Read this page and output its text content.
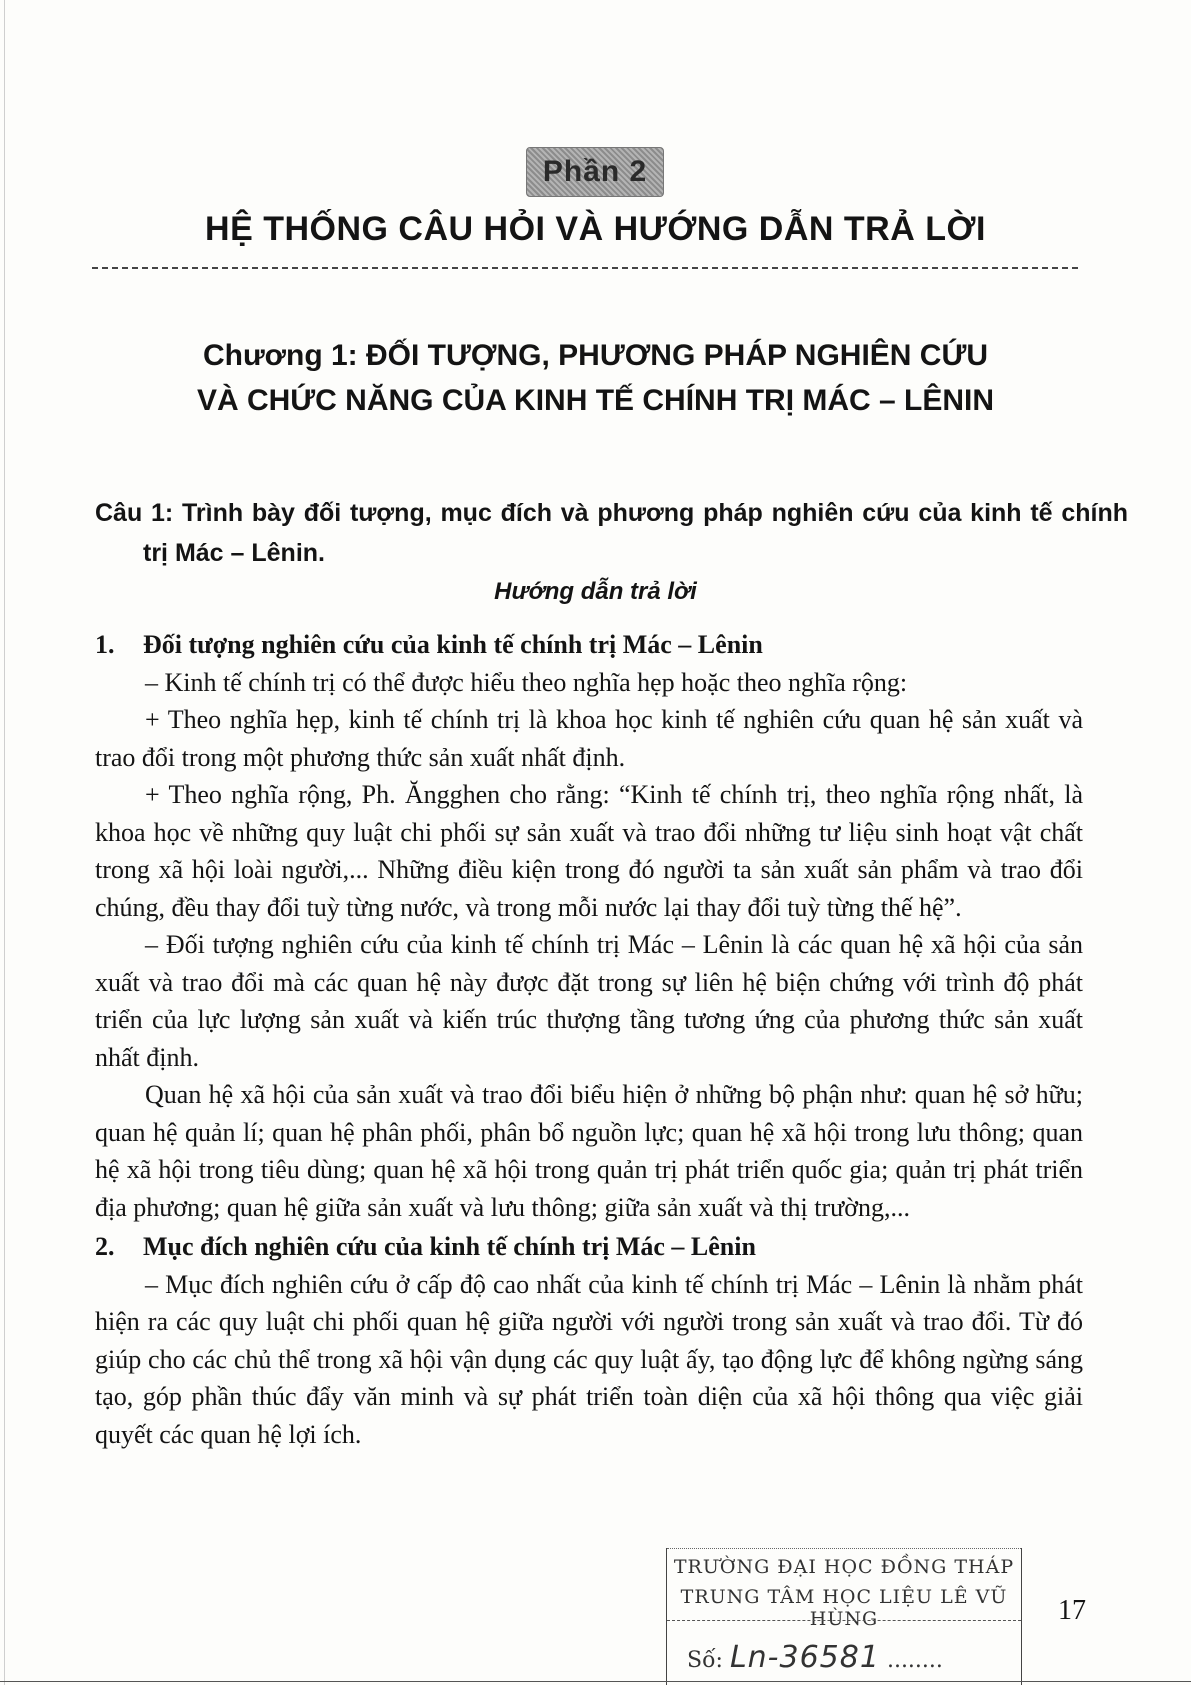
Phần 2
HỆ THỐNG CÂU HỎI VÀ HƯỚNG DẪN TRẢ LỜI
Chương 1: ĐỐI TƯỢNG, PHƯƠNG PHÁP NGHIÊN CỨU
VÀ CHỨC NĂNG CỦA KINH TẾ CHÍNH TRỊ MÁC – LÊNIN
Câu 1: Trình bày đối tượng, mục đích và phương pháp nghiên cứu của kinh tế chính trị Mác – Lênin.
Hướng dẫn trả lời

1. Đối tượng nghiên cứu của kinh tế chính trị Mác – Lênin

– Kinh tế chính trị có thể được hiểu theo nghĩa hẹp hoặc theo nghĩa rộng:

+ Theo nghĩa hẹp, kinh tế chính trị là khoa học kinh tế nghiên cứu quan hệ sản xuất và trao đổi trong một phương thức sản xuất nhất định.

+ Theo nghĩa rộng, Ph. Ăngghen cho rằng: “Kinh tế chính trị, theo nghĩa rộng nhất, là khoa học về những quy luật chi phối sự sản xuất và trao đổi những tư liệu sinh hoạt vật chất trong xã hội loài người,... Những điều kiện trong đó người ta sản xuất sản phẩm và trao đổi chúng, đều thay đổi tuỳ từng nước, và trong mỗi nước lại thay đổi tuỳ từng thế hệ”.

– Đối tượng nghiên cứu của kinh tế chính trị Mác – Lênin là các quan hệ xã hội của sản xuất và trao đổi mà các quan hệ này được đặt trong sự liên hệ biện chứng với trình độ phát triển của lực lượng sản xuất và kiến trúc thượng tầng tương ứng của phương thức sản xuất nhất định.

Quan hệ xã hội của sản xuất và trao đổi biểu hiện ở những bộ phận như: quan hệ sở hữu; quan hệ quản lí; quan hệ phân phối, phân bổ nguồn lực; quan hệ xã hội trong lưu thông; quan hệ xã hội trong tiêu dùng; quan hệ xã hội trong quản trị phát triển quốc gia; quản trị phát triển địa phương; quan hệ giữa sản xuất và lưu thông; giữa sản xuất và thị trường,...

2. Mục đích nghiên cứu của kinh tế chính trị Mác – Lênin

– Mục đích nghiên cứu ở cấp độ cao nhất của kinh tế chính trị Mác – Lênin là nhằm phát hiện ra các quy luật chi phối quan hệ giữa người với người trong sản xuất và trao đổi. Từ đó giúp cho các chủ thể trong xã hội vận dụng các quy luật ấy, tạo động lực để không ngừng sáng tạo, góp phần thúc đẩy văn minh và sự phát triển toàn diện của xã hội thông qua việc giải quyết các quan hệ lợi ích.

TRƯỜNG ĐẠI HỌC ĐỒNG THÁP
TRUNG TÂM HỌC LIỆU LÊ VŨ HÙNG
Số: Ln-36581 ........
17
